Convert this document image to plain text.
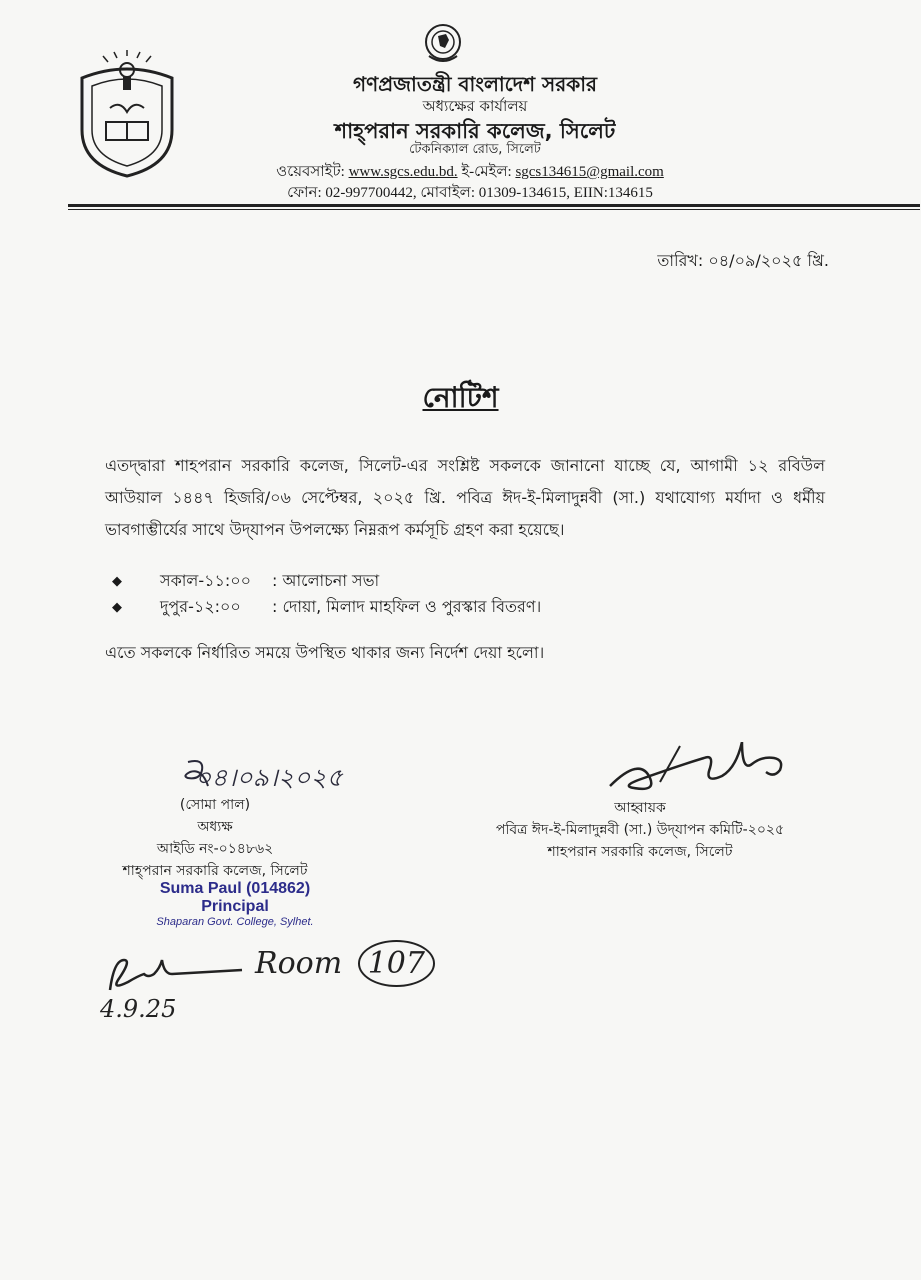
গণপ্রজাতন্ত্রী বাংলাদেশ সরকার
অধ্যক্ষের কার্যালয়
শাহ্‌পরান সরকারি কলেজ, সিলেট
টেকনিক্যাল রোড, সিলেট
ওয়েবসাইট: www.sgcs.edu.bd. ই-মেইল: sgcs134615@gmail.com
ফোন: 02-997700442, মোবাইল: 01309-134615, EIIN:134615
তারিখ: ০৪/০৯/২০২৫ খ্রি.
নোটিশ
এতদ্দ্বারা শাহপরান সরকারি কলেজ, সিলেট-এর সংশ্লিষ্ট সকলকে জানানো যাচ্ছে যে, আগামী ১২ রবিউল আউয়াল ১৪৪৭ হিজরি/০৬ সেপ্টেম্বর, ২০২৫ খ্রি. পবিত্র ঈদ-ই-মিলাদুন্নবী (সা.) যথাযোগ্য মর্যাদা ও ধর্মীয় ভাবগাম্ভীর্যের সাথে উদ্‌যাপন উপলক্ষ্যে নিম্নরূপ কর্মসূচি গ্রহণ করা হয়েছে।
◆	সকাল-১১:০০	: আলোচনা সভা
◆	দুপুর-১২:০০	: দোয়া, মিলাদ মাহফিল ও পুরস্কার বিতরণ।
এতে সকলকে নির্ধারিত সময়ে উপস্থিত থাকার জন্য নির্দেশ দেয়া হলো।
০৪।০৯।২০২৫
(সোমা পাল)
অধ্যক্ষ
আইডি নং-০১৪৮৬২
শাহ্‌পরান সরকারি কলেজ, সিলেট
Suma Paul (014862)
Principal
Shaparan Govt. College, Sylhet.
আহ্বায়ক
পবিত্র ঈদ-ই-মিলাদুন্নবী (সা.) উদ্‌যাপন কমিটি-২০২৫
শাহপরান সরকারি কলেজ, সিলেট
Room 107
4.9.25
